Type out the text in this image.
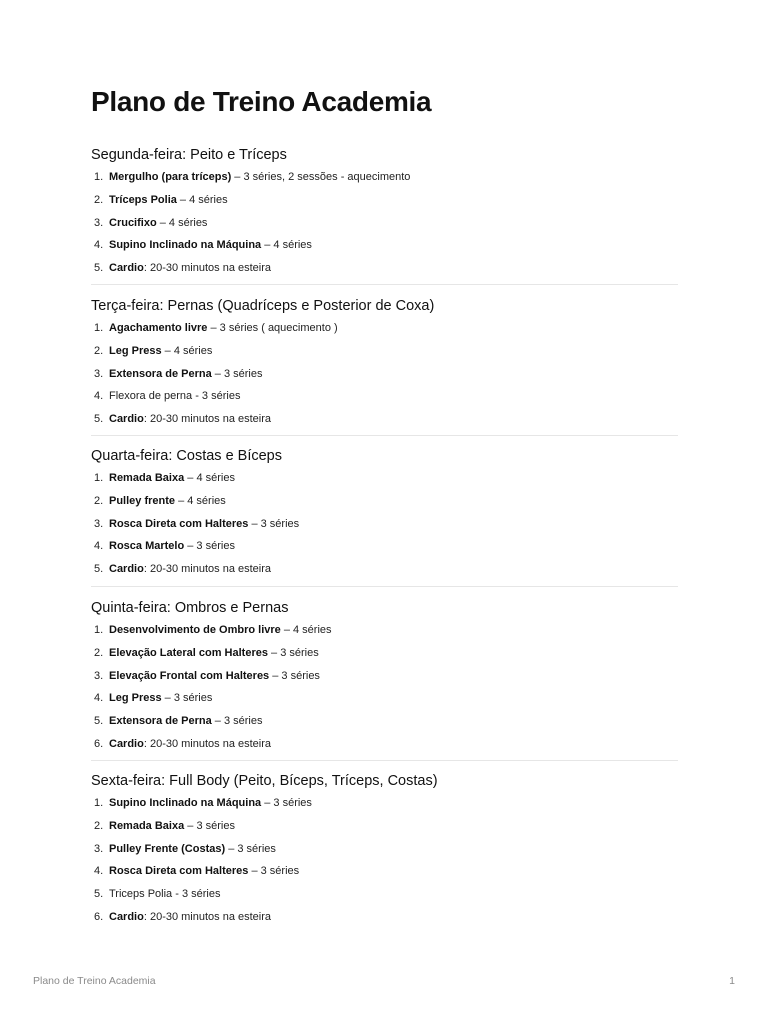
Plano de Treino Academia
Segunda-feira: Peito e Tríceps
1. Mergulho (para tríceps) – 3 séries, 2 sessões - aquecimento
2. Tríceps Polia – 4 séries
3. Crucifixo – 4 séries
4. Supino Inclinado na Máquina – 4 séries
5. Cardio: 20-30 minutos na esteira
Terça-feira: Pernas (Quadríceps e Posterior de Coxa)
1. Agachamento livre – 3 séries ( aquecimento )
2. Leg Press – 4 séries
3. Extensora de Perna – 3 séries
4. Flexora de perna - 3 séries
5. Cardio: 20-30 minutos na esteira
Quarta-feira: Costas e Bíceps
1. Remada Baixa – 4 séries
2. Pulley frente – 4 séries
3. Rosca Direta com Halteres – 3 séries
4. Rosca Martelo – 3 séries
5. Cardio: 20-30 minutos na esteira
Quinta-feira: Ombros e Pernas
1. Desenvolvimento de Ombro livre – 4 séries
2. Elevação Lateral com Halteres – 3 séries
3. Elevação Frontal com Halteres – 3 séries
4. Leg Press – 3 séries
5. Extensora de Perna – 3 séries
6. Cardio: 20-30 minutos na esteira
Sexta-feira: Full Body (Peito, Bíceps, Tríceps, Costas)
1. Supino Inclinado na Máquina – 3 séries
2. Remada Baixa – 3 séries
3. Pulley Frente (Costas) – 3 séries
4. Rosca Direta com Halteres – 3 séries
5. Triceps Polia - 3 séries
6. Cardio: 20-30 minutos na esteira
Plano de Treino Academia	1
